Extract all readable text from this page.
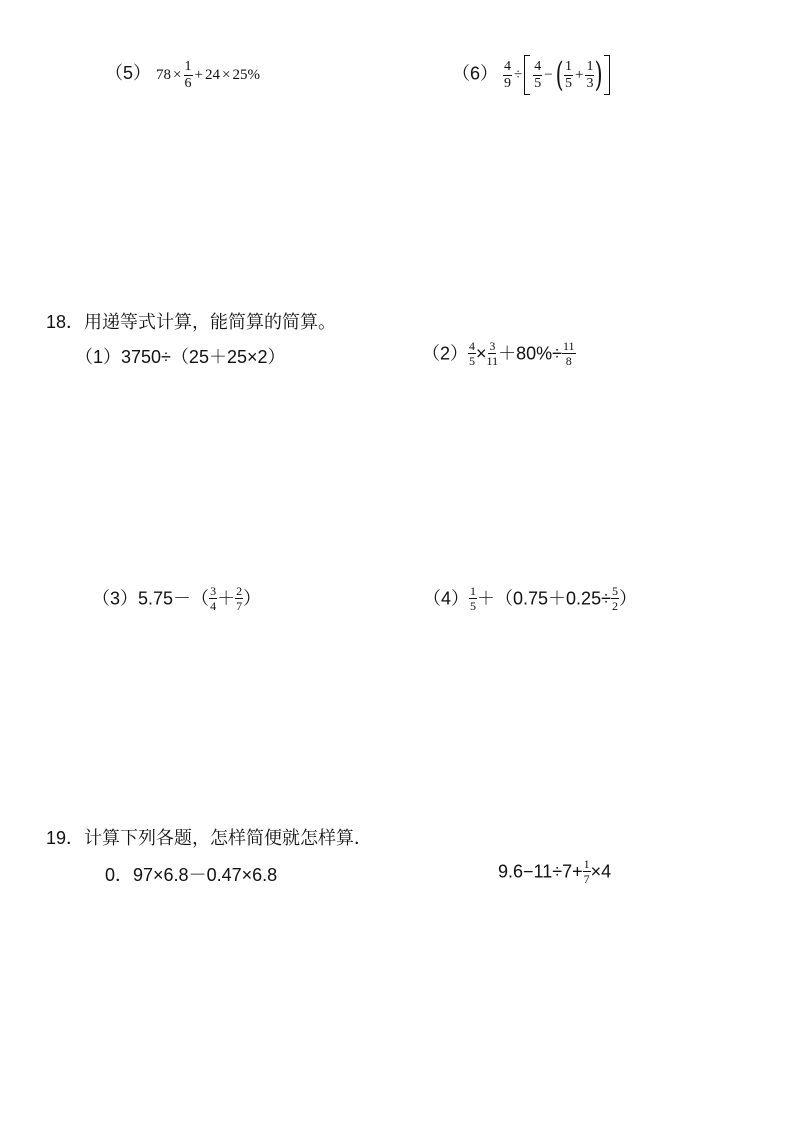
（5） $78 \times \frac{1}{6} + 24 \times 25\%$	$(6) \frac{4}{9} \div \frac{4}{5}$ −( $\frac{1}{5} + \frac{1}{3}$ )
18．用递等式计算，能简算的简算。
（1）3750÷（25＋25×2）	$(2) \frac{4}{5} \times \frac{3}{11} +80\%\div \frac{11}{8}$
$(3)5.75-( \frac{3}{4} + \frac{2}{7}$ ）	$(4) \frac{1}{5} +(0.75+0.25\div \frac{5}{2}$ ）
19．计算下列各题，怎样简便就怎样算．
0．97×6.8－0.47×6.8	$9.6-11\div 7+ \frac{1}{7} \times 4$
